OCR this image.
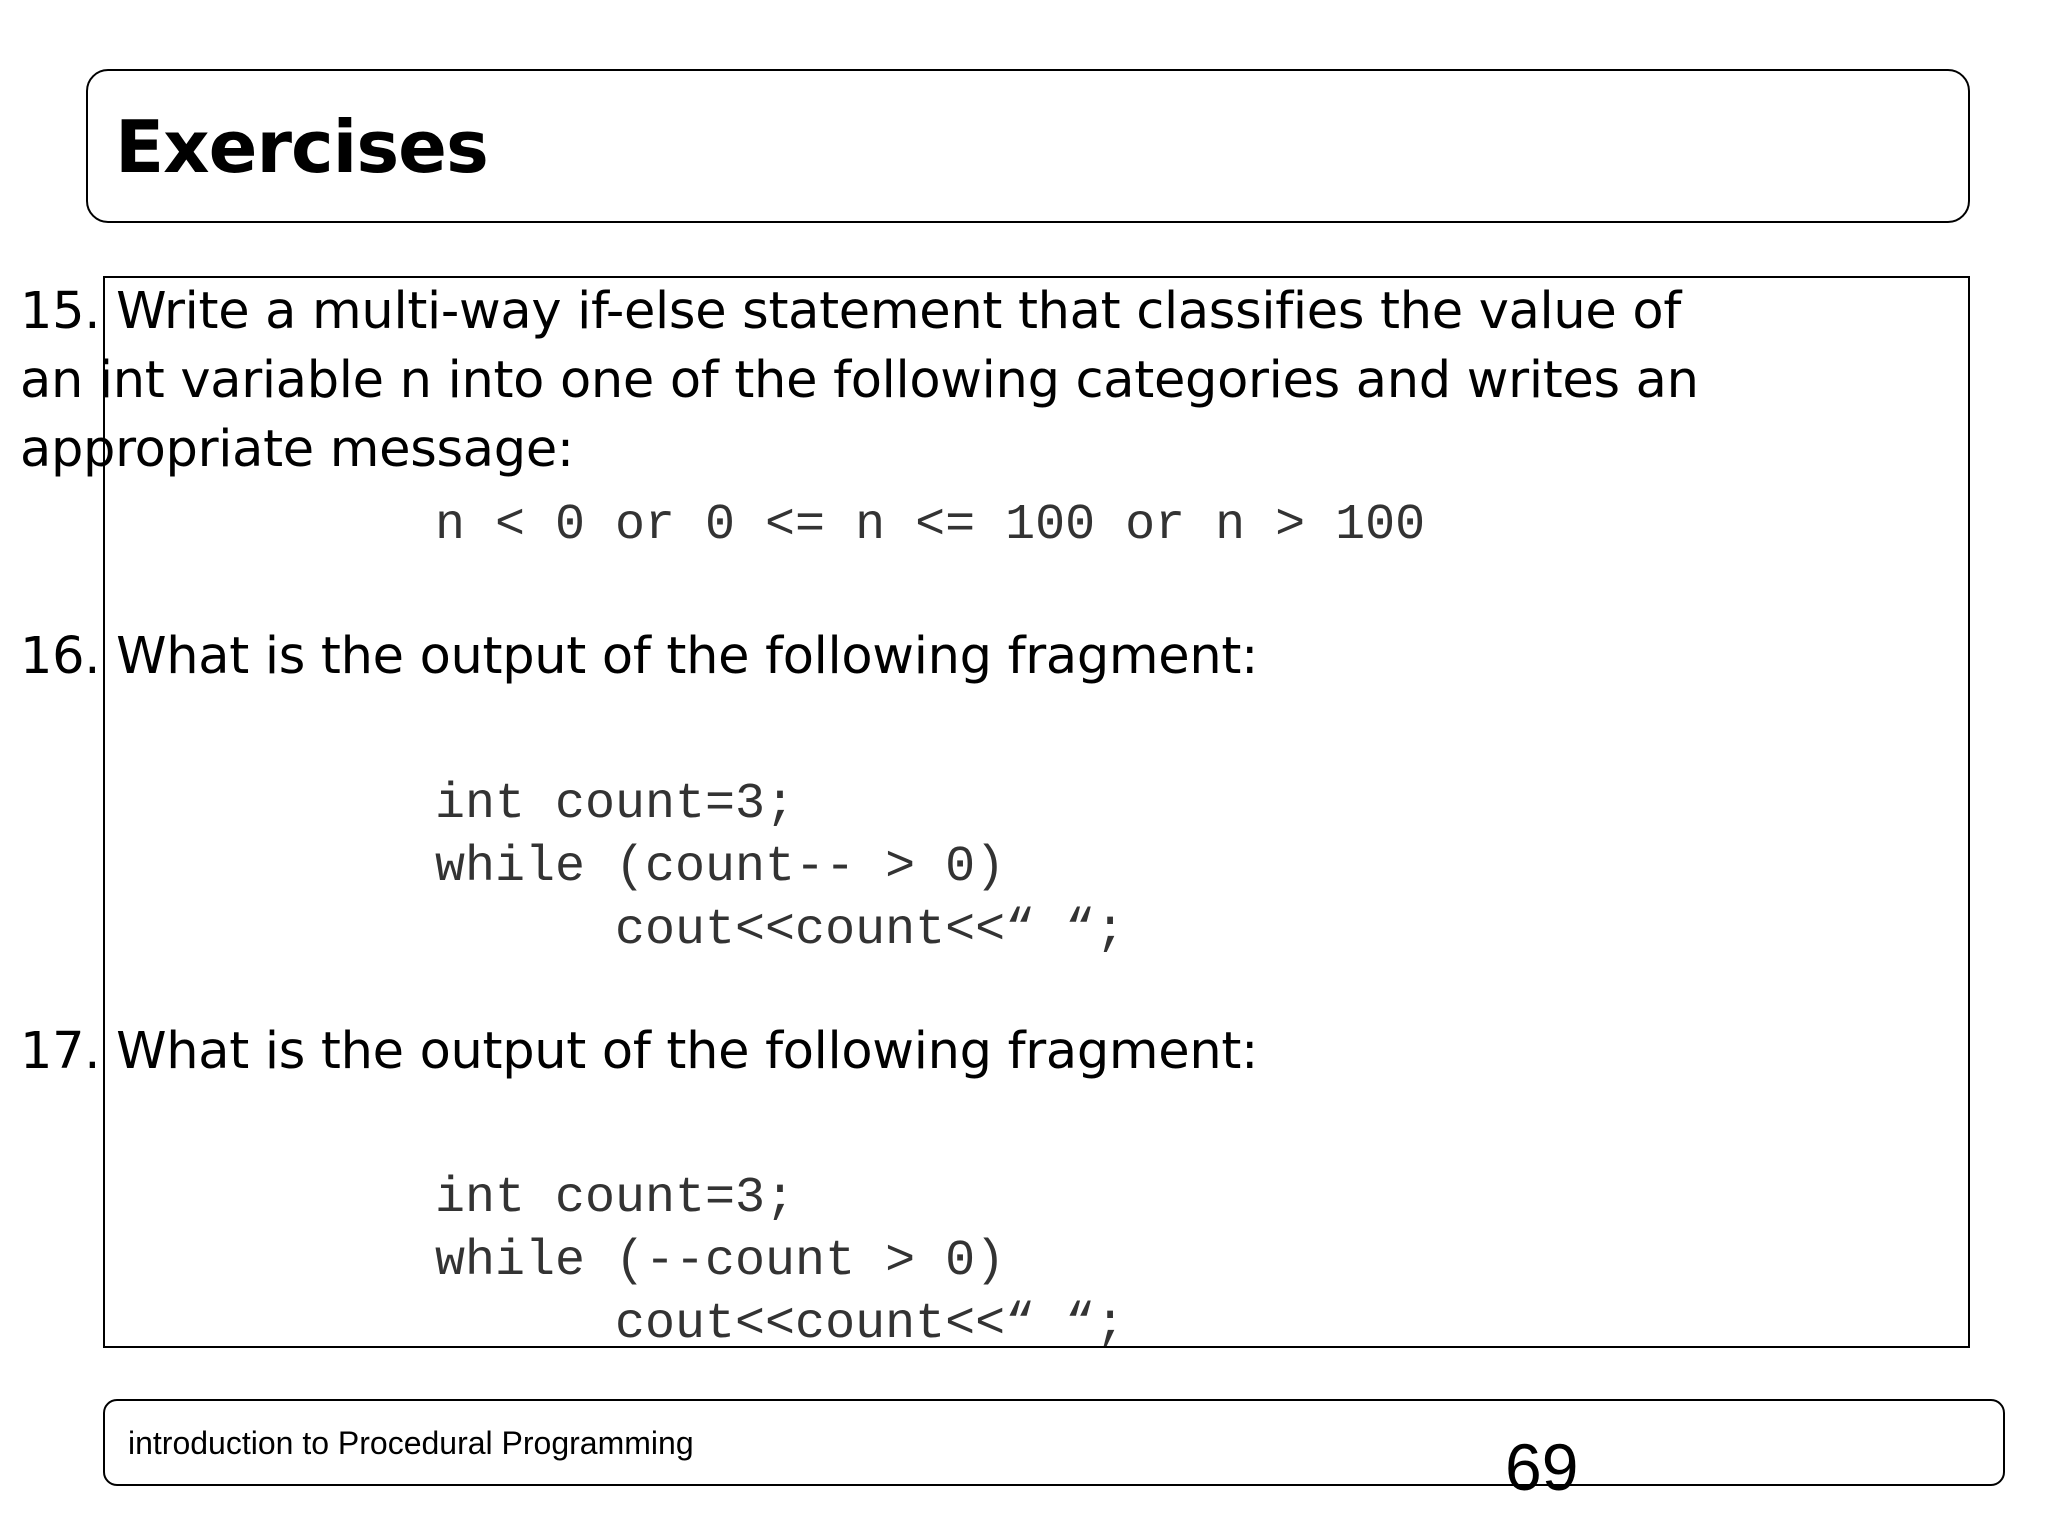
Exercises
15. Write a multi-way if-else statement that classifies the value of
an int variable n into one of the following categories and writes an
appropriate message:
n < 0 or 0 <= n <= 100 or n > 100
16. What is the output of the following fragment:
int count=3;
while (count-- > 0)
cout<<count<<“ “;
17. What is the output of the following fragment:
int count=3;
while (--count > 0)
cout<<count<<“ “;
introduction to Procedural Programming	69
